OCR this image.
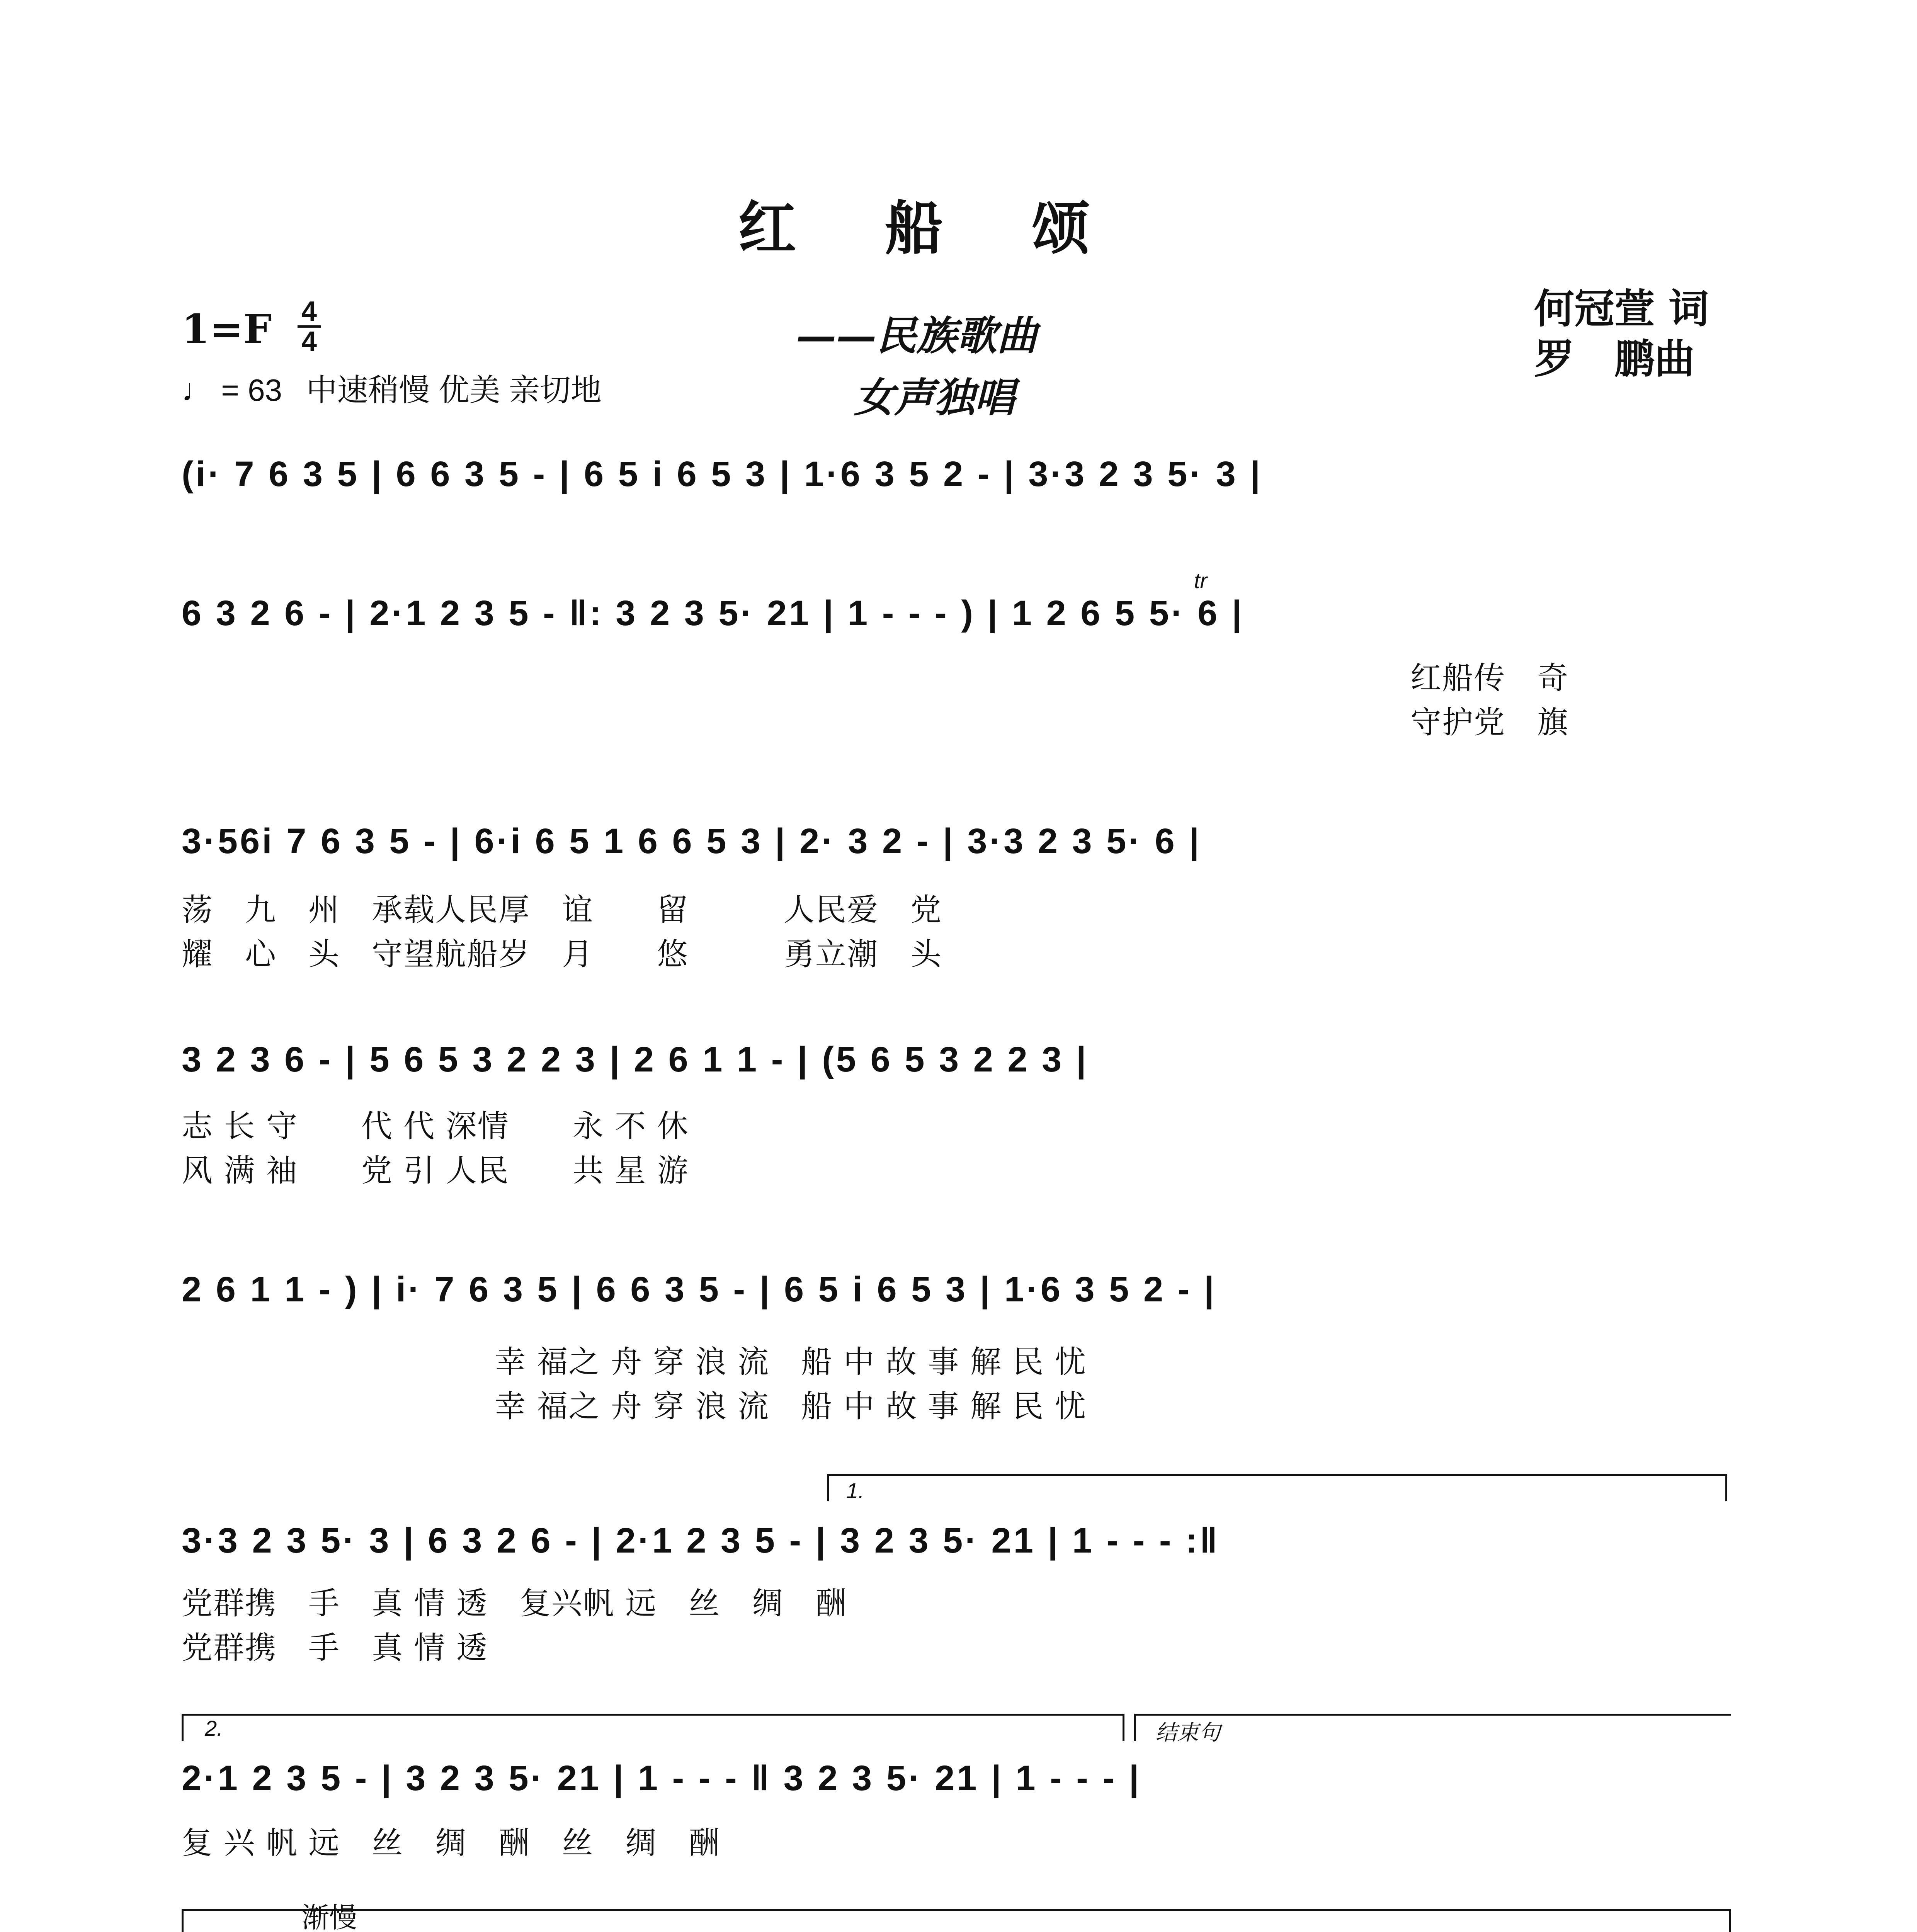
红船颂
1=F 4
4
♩ = 63 中速稍慢 优美 亲切地
——民族歌曲
女声独唱
何冠萱 词
罗　鹏曲
(i· 7 6 3 5 | 6 6 3 5 - | 6 5 i 6 5 3 | 1·6 3 5 2 - | 3·3 2 3 5· 3 |
tr
6 3 2 6 - | 2·1 2 3 5 - ‖: 3 2 3 5· 21 | 1 - - - ) | 1 2 6 5 5· 6 |
红船传　奇
守护党　旗
3·56i 7 6 3 5 - | 6·i 6 5 1 6 6 5 3 | 2· 3 2 - | 3·3 2 3 5· 6 |
荡　九　州　承载人民厚　谊　　留　　　人民爱　党
耀　心　头　守望航船岁　月　　悠　　　勇立潮　头
3 2 3 6 - | 5 6 5 3 2 2 3 | 2 6 1 1 - | (5 6 5 3 2 2 3 |
志 长 守　　代 代 深情　　永 不 休
风 满 袖　　党 引 人民　　共 星 游
2 6 1 1 - ) | i· 7 6 3 5 | 6 6 3 5 - | 6 5 i 6 5 3 | 1·6 3 5 2 - |
幸 福之 舟 穿 浪 流　船 中 故 事 解 民 忧
幸 福之 舟 穿 浪 流　船 中 故 事 解 民 忧
1.
3·3 2 3 5· 3 | 6 3 2 6 - | 2·1 2 3 5 - | 3 2 3 5· 21 | 1 - - - :‖
党群携　手　真 情 透　复兴帆 远　丝　绸　酬
党群携　手　真 情 透
2.	结束句
2·1 2 3 5 - | 3 2 3 5· 21 | 1 - - - ‖ 3 2 3 5· 21 | 1 - - - |
复 兴 帆 远　丝　绸　酬　丝　绸　酬
渐慢
